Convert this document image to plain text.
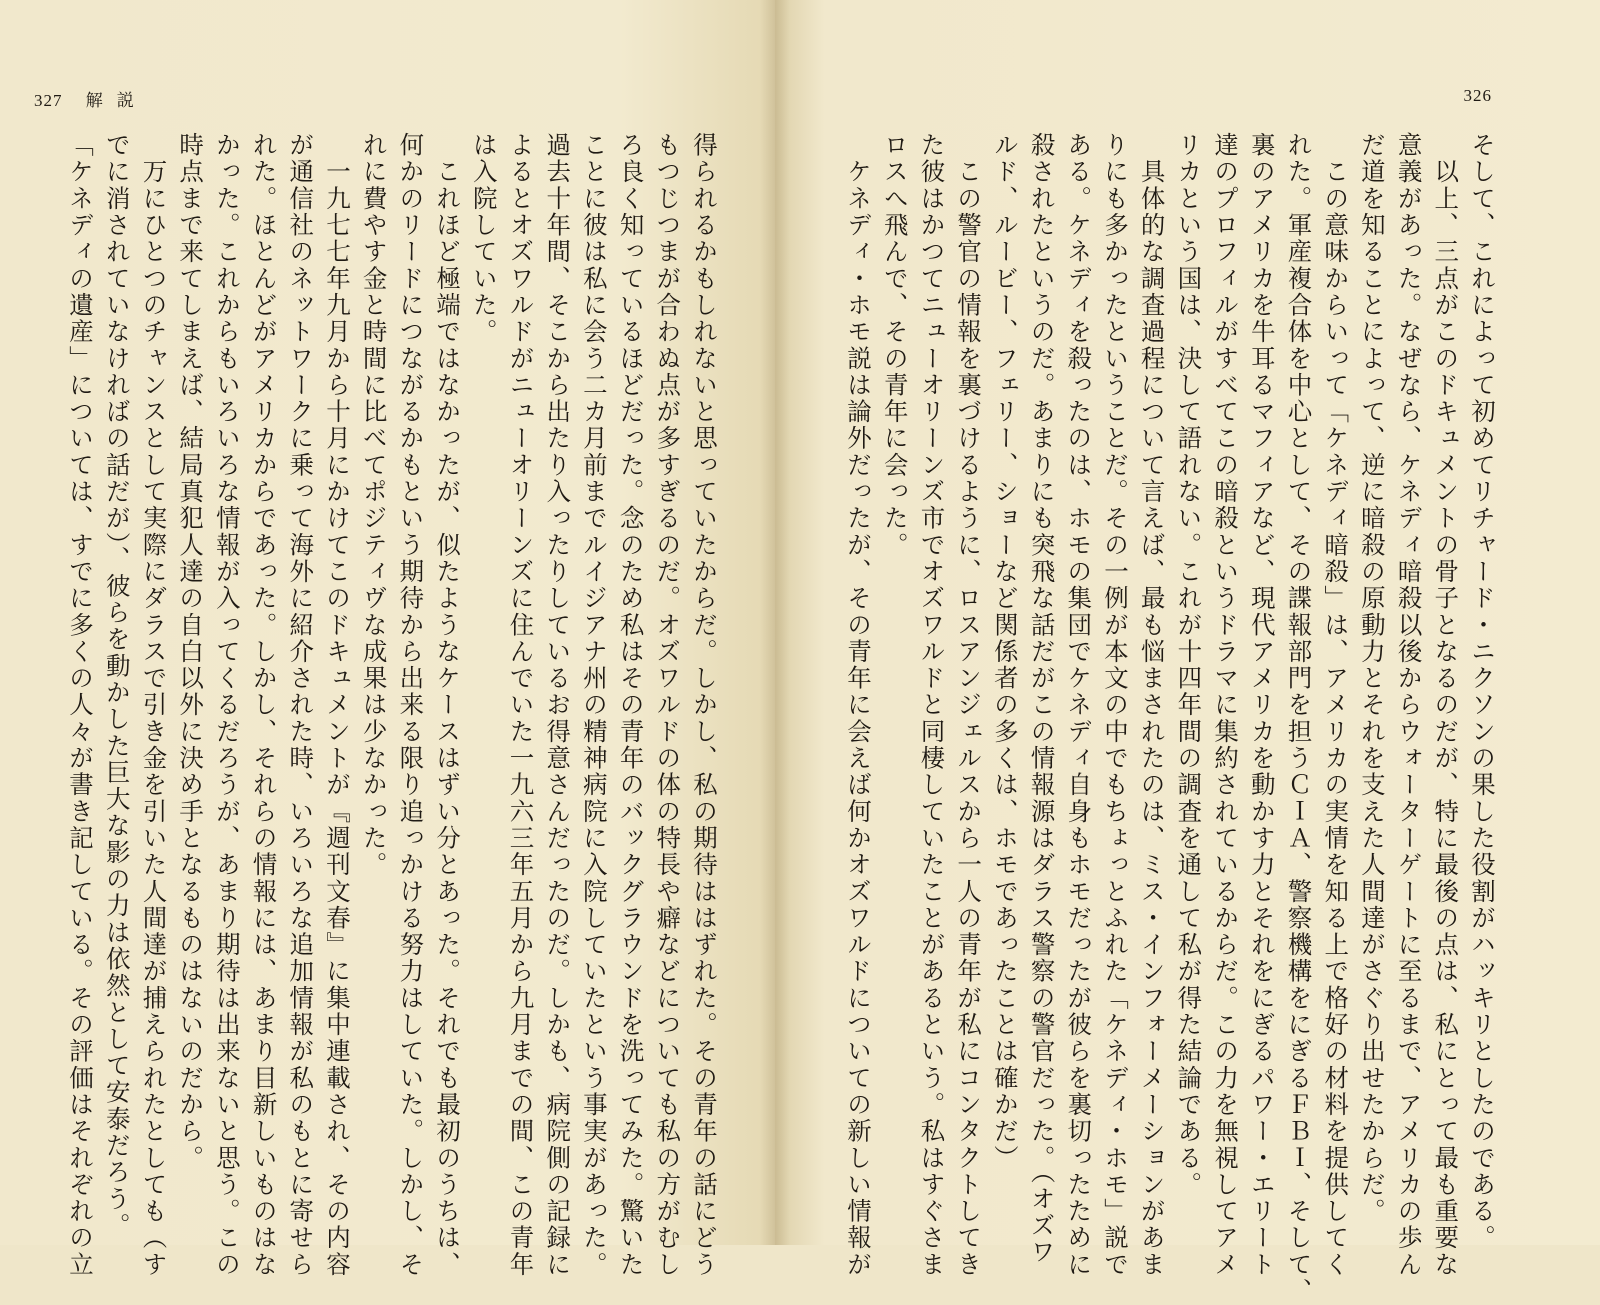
327 解説	326
そして、これによって初めてリチャード・ニクソンの果した役割がハッキリとしたのである。
　以上、三点がこのドキュメントの骨子となるのだが、特に最後の点は、私にとって最も重要な
意義があった。なぜなら、ケネディ暗殺以後からウォーターゲートに至るまで、アメリカの歩ん
だ道を知ることによって、逆に暗殺の原動力とそれを支えた人間達がさぐり出せたからだ。
　この意味からいって「ケネディ暗殺」は、アメリカの実情を知る上で格好の材料を提供してく
れた。軍産複合体を中心として、その諜報部門を担うＣＩＡ、警察機構をにぎるＦＢＩ、そして、
裏のアメリカを牛耳るマフィアなど、現代アメリカを動かす力とそれをにぎるパワー・エリート
達のプロフィルがすべてこの暗殺というドラマに集約されているからだ。この力を無視してアメ
リカという国は、決して語れない。これが十四年間の調査を通して私が得た結論である。
　具体的な調査過程について言えば、最も悩まされたのは、ミス・インフォーメーションがあま
りにも多かったということだ。その一例が本文の中でもちょっとふれた「ケネディ・ホモ」説で
ある。ケネディを殺ったのは、ホモの集団でケネディ自身もホモだったが彼らを裏切ったために
殺されたというのだ。あまりにも突飛な話だがこの情報源はダラス警察の警官だった。（オズワ
ルド、ルービー、フェリー、ショーなど関係者の多くは、ホモであったことは確かだ）
　この警官の情報を裏づけるように、ロスアンジェルスから一人の青年が私にコンタクトしてき
た彼はかつてニューオリーンズ市でオズワルドと同棲していたことがあるという。私はすぐさま
ロスへ飛んで、その青年に会った。
　ケネディ・ホモ説は論外だったが、その青年に会えば何かオズワルドについての新しい情報が
得られるかもしれないと思っていたからだ。しかし、私の期待ははずれた。その青年の話にどう
もつじつまが合わぬ点が多すぎるのだ。オズワルドの体の特長や癖などについても私の方がむし
ろ良く知っているほどだった。念のため私はその青年のバックグラウンドを洗ってみた。驚いた
ことに彼は私に会う二カ月前までルイジアナ州の精神病院に入院していたという事実があった。
過去十年間、そこから出たり入ったりしているお得意さんだったのだ。しかも、病院側の記録に
よるとオズワルドがニューオリーンズに住んでいた一九六三年五月から九月までの間、この青年
は入院していた。
　これほど極端ではなかったが、似たようなケースはずい分とあった。それでも最初のうちは、
何かのリードにつながるかもという期待から出来る限り追っかける努力はしていた。しかし、そ
れに費やす金と時間に比べてポジティヴな成果は少なかった。
　一九七七年九月から十月にかけてこのドキュメントが『週刊文春』に集中連載され、その内容
が通信社のネットワークに乗って海外に紹介された時、いろいろな追加情報が私のもとに寄せら
れた。ほとんどがアメリカからであった。しかし、それらの情報には、あまり目新しいものはな
かった。これからもいろいろな情報が入ってくるだろうが、あまり期待は出来ないと思う。この
時点まで来てしまえば、結局真犯人達の自白以外に決め手となるものはないのだから。
　万にひとつのチャンスとして実際にダラスで引き金を引いた人間達が捕えられたとしても（す
でに消されていなければの話だが）、彼らを動かした巨大な影の力は依然として安泰だろう。
「ケネディの遺産」については、すでに多くの人々が書き記している。その評価はそれぞれの立
